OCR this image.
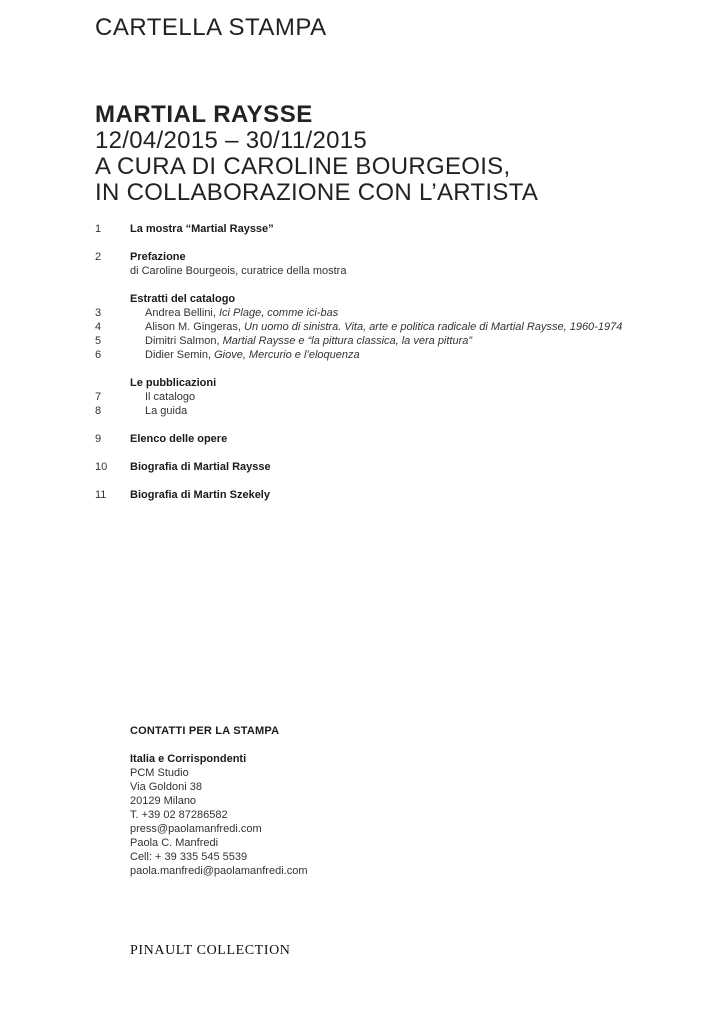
CARTELLA STAMPA
MARTIAL RAYSSE
12/04/2015 – 30/11/2015
A CURA DI CAROLINE BOURGEOIS,
IN COLLABORAZIONE CON L’ARTISTA
1	La mostra “Martial Raysse”
2	Prefazione
di Caroline Bourgeois, curatrice della mostra
Estratti del catalogo
3	Andrea Bellini, Ici Plage, comme ici-bas
4	Alison M. Gingeras, Un uomo di sinistra. Vita, arte e politica radicale di Martial Raysse, 1960-1974
5	Dimitri Salmon, Martial Raysse e “la pittura classica, la vera pittura”
6	Didier Semin, Giove, Mercurio e l’eloquenza
Le pubblicazioni
7	Il catalogo
8	La guida
9	Elenco delle opere
10	Biografia di Martial Raysse
11	Biografia di Martin Szekely
CONTATTI PER LA STAMPA
Italia e Corrispondenti
PCM Studio
Via Goldoni 38
20129 Milano
T. +39 02 87286582
press@paolamanfredi.com
Paola C. Manfredi
Cell: + 39 335 545 5539
paola.manfredi@paolamanfredi.com
PINAULT COLLECTION
